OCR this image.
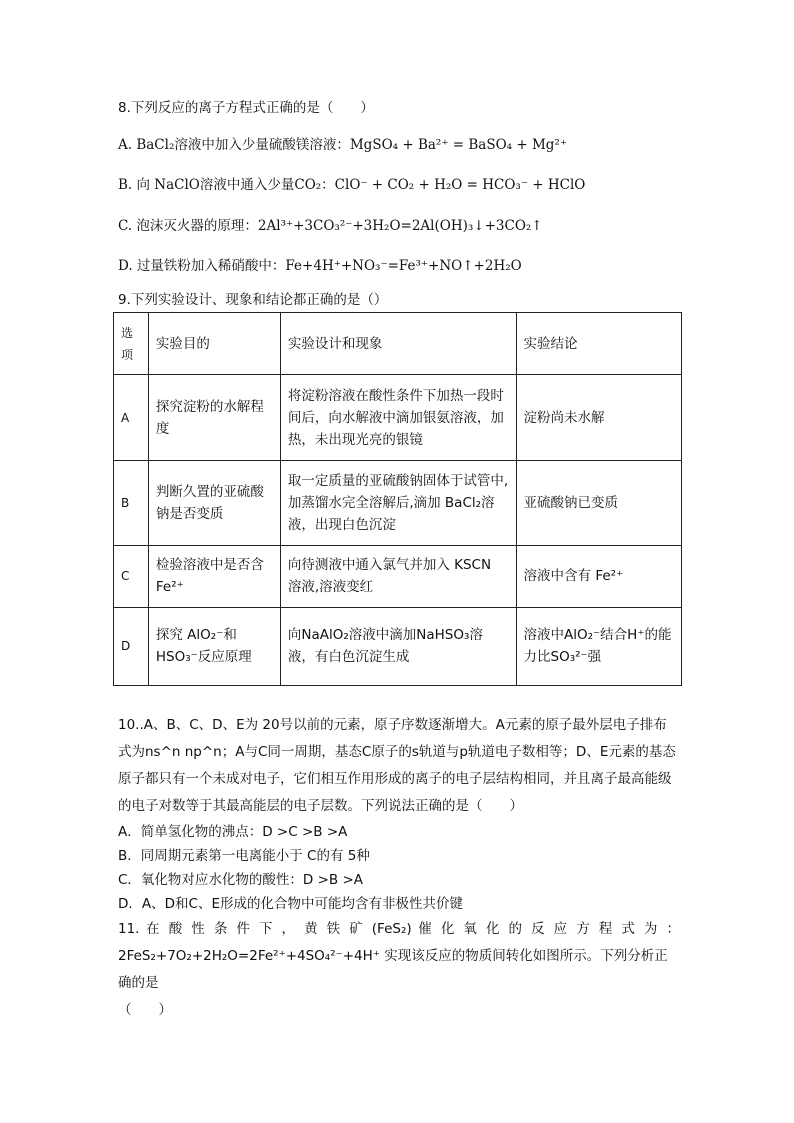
8.下列反应的离子方程式正确的是（　　）
A. BaCl₂溶液中加入少量硫酸镁溶液：MgSO₄ + Ba²⁺ = BaSO₄ + Mg²⁺
B. 向 NaClO溶液中通入少量CO₂：ClO⁻ + CO₂ + H₂O = HCO₃⁻ + HClO
C. 泡沫灭火器的原理：2Al³⁺+3CO₃²⁻+3H₂O=2Al(OH)₃↓+3CO₂↑
D. 过量铁粉加入稀硝酸中：Fe+4H⁺+NO₃⁻=Fe³⁺+NO↑+2H₂O
9.下列实验设计、现象和结论都正确的是（）
选项	实验目的	实验设计和现象	实验结论
A	探究淀粉的水解程度	将淀粉溶液在酸性条件下加热一段时间后，向水解液中滴加银氨溶液，加热，未出现光亮的银镜	淀粉尚未水解
B	判断久置的亚硫酸钠是否变质	取一定质量的亚硫酸钠固体于试管中,加蒸馏水完全溶解后,滴加 BaCl₂溶液，出现白色沉淀	亚硫酸钠已变质
C	检验溶液中是否含Fe²⁺	向待测液中通入氯气并加入 KSCN 溶液,溶液变红	溶液中含有 Fe²⁺
D	探究 AlO₂⁻和 HSO₃⁻反应原理	向NaAlO₂溶液中滴加NaHSO₃溶液，有白色沉淀生成	溶液中AlO₂⁻结合H⁺的能力比SO₃²⁻强

10..A、B、C、D、E为 20号以前的元素，原子序数逐渐增大。A元素的原子最外层电子排布式为ns^n np^n；A与C同一周期，基态C原子的s轨道与p轨道电子数相等；D、E元素的基态原子都只有一个未成对电子，它们相互作用形成的离子的电子层结构相同，并且离子最高能级的电子对数等于其最高能层的电子层数。下列说法正确的是（　　）

A．简单氢化物的沸点：D >C >B >A

B．同周期元素第一电离能小于 C的有 5种

C．氧化物对应水化物的酸性：D >B >A

D．A、D和C、E形成的化合物中可能均含有非极性共价键

11. 在 酸 性 条 件 下 ， 黄 铁 矿 (FeS₂) 催 化 氧 化 的 反 应 方 程 式 为 ：

2FeS₂+7O₂+2H₂O=2Fe²⁺+4SO₄²⁻+4H⁺ 实现该反应的物质间转化如图所示。下列分析正确的是

（　　）
